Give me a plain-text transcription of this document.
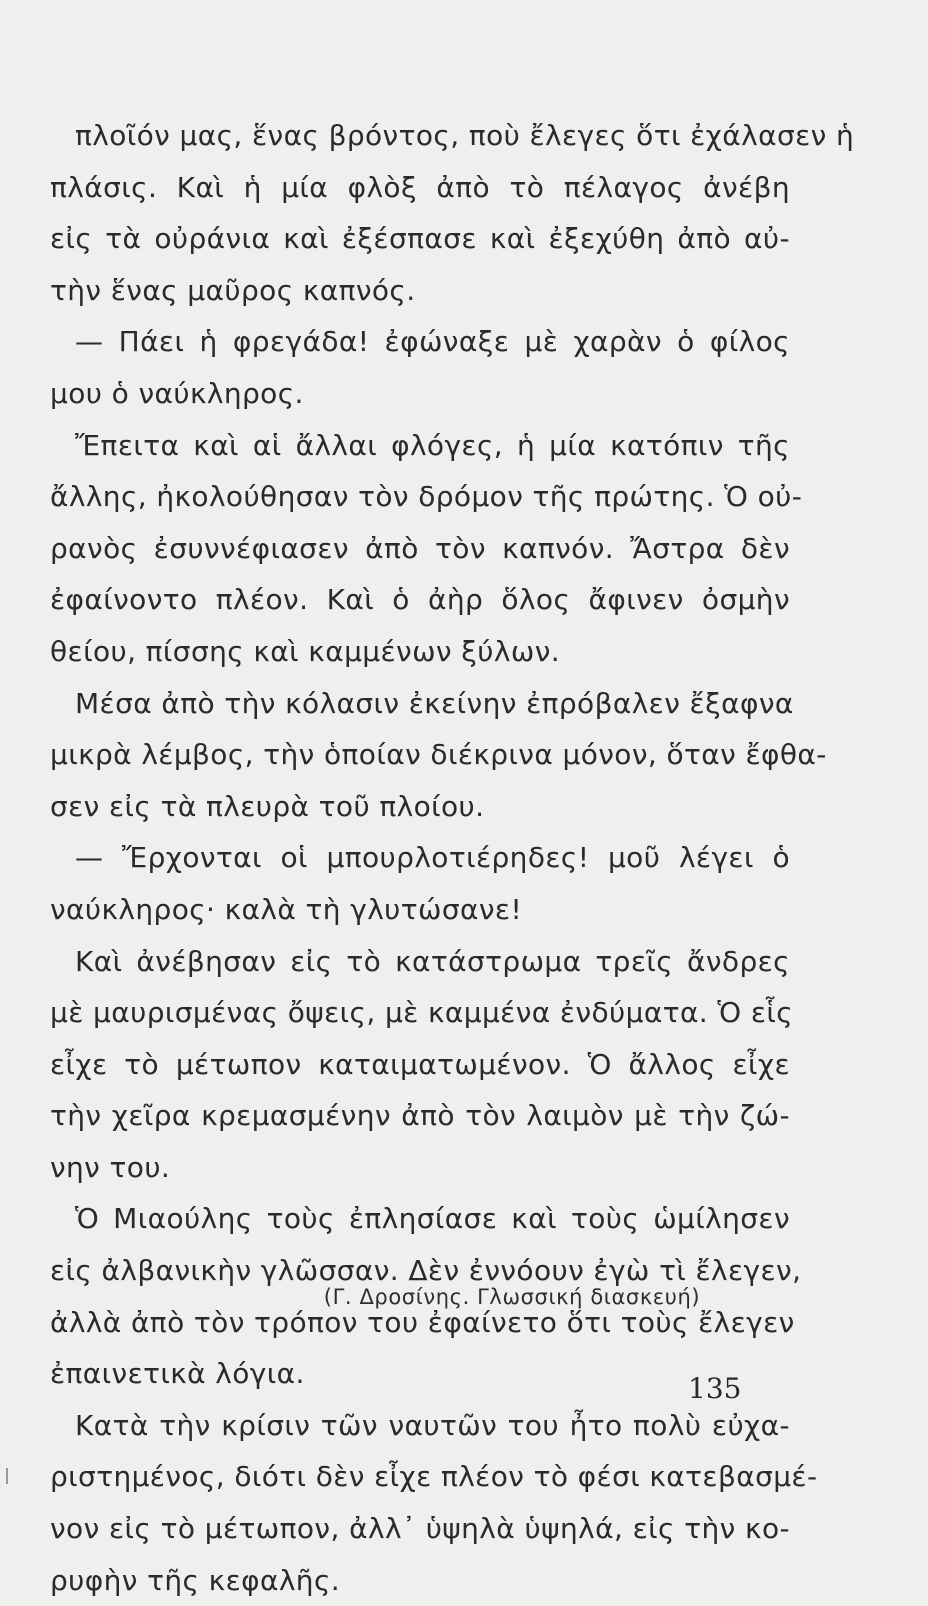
πλοῖόν μας, ἕνας βρόντος, ποὺ ἔλεγες ὅτι ἐχάλασεν ἡ
πλάσις. Καὶ ἡ μία φλὸξ ἀπὸ τὸ πέλαγος ἀνέβη
εἰς τὰ οὐράνια καὶ ἐξέσπασε καὶ ἐξεχύθη ἀπὸ αὐ-
τὴν ἕνας μαῦρος καπνός.
— Πάει ἡ φρεγάδα! ἐφώναξε μὲ χαρὰν ὁ φίλος
μου ὁ ναύκληρος.
Ἔπειτα καὶ αἱ ἄλλαι φλόγες, ἡ μία κατόπιν τῆς
ἄλλης, ἠκολούθησαν τὸν δρόμον τῆς πρώτης. Ὁ οὐ-
ρανὸς ἐσυννέφιασεν ἀπὸ τὸν καπνόν. Ἄστρα δὲν
ἐφαίνοντο πλέον. Καὶ ὁ ἀὴρ ὅλος ἄφινεν ὀσμὴν
θείου, πίσσης καὶ καμμένων ξύλων.
Μέσα ἀπὸ τὴν κόλασιν ἐκείνην ἐπρόβαλεν ἔξαφνα
μικρὰ λέμβος, τὴν ὁποίαν διέκρινα μόνον, ὅταν ἔφθα-
σεν εἰς τὰ πλευρὰ τοῦ πλοίου.
— Ἔρχονται οἱ μπουρλοτιέρηδες! μοῦ λέγει ὁ
ναύκληρος· καλὰ τὴ γλυτώσανε!
Καὶ ἀνέβησαν εἰς τὸ κατάστρωμα τρεῖς ἄνδρες
μὲ μαυρισμένας ὄψεις, μὲ καμμένα ἐνδύματα. Ὁ εἷς
εἶχε τὸ μέτωπον καταιματωμένον. Ὁ ἄλλος εἶχε
τὴν χεῖρα κρεμασμένην ἀπὸ τὸν λαιμὸν μὲ τὴν ζώ-
νην του.
Ὁ Μιαούλης τοὺς ἐπλησίασε καὶ τοὺς ὡμίλησεν
εἰς ἀλβανικὴν γλῶσσαν. Δὲν ἐννόουν ἐγὼ τὶ ἔλεγεν,
ἀλλὰ ἀπὸ τὸν τρόπον του ἐφαίνετο ὅτι τοὺς ἔλεγεν
ἐπαινετικὰ λόγια.
Κατὰ τὴν κρίσιν τῶν ναυτῶν του ἦτο πολὺ εὐχα-
ριστημένος, διότι δὲν εἶχε πλέον τὸ φέσι κατεβασμέ-
νον εἰς τὸ μέτωπον, ἀλλ᾿ ὑψηλὰ ὑψηλά, εἰς τὴν κο-
ρυφὴν τῆς κεφαλῆς.
(Γ. Δροσίνης. Γλωσσική διασκευή)
135
